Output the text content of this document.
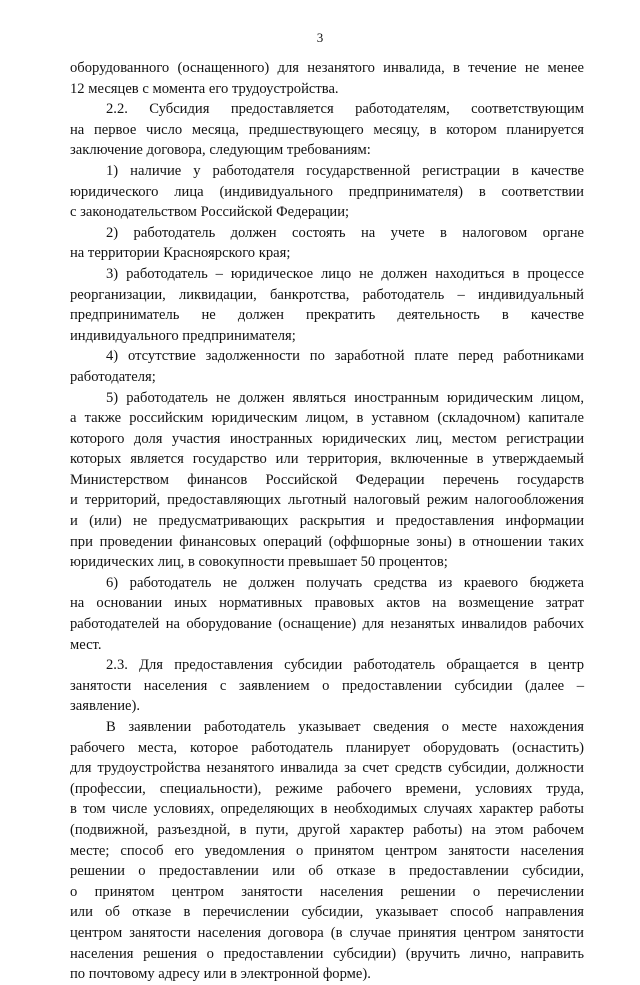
3
оборудованного (оснащенного) для незанятого инвалида, в течение не менее
12 месяцев с момента его трудоустройства.
2.2. Субсидия предоставляется работодателям, соответствующим
на первое число месяца, предшествующего месяцу, в котором планируется
заключение договора, следующим требованиям:
1) наличие у работодателя государственной регистрации в качестве
юридического лица (индивидуального предпринимателя) в соответствии
с законодательством Российской Федерации;
2) работодатель должен состоять на учете в налоговом органе
на территории Красноярского края;
3) работодатель – юридическое лицо не должен находиться в процессе
реорганизации, ликвидации, банкротства, работодатель – индивидуальный
предприниматель не должен прекратить деятельность в качестве
индивидуального предпринимателя;
4) отсутствие задолженности по заработной плате перед работниками
работодателя;
5) работодатель не должен являться иностранным юридическим лицом,
а также российским юридическим лицом, в уставном (складочном) капитале
которого доля участия иностранных юридических лиц, местом регистрации
которых является государство или территория, включенные в утверждаемый
Министерством финансов Российской Федерации перечень государств
и территорий, предоставляющих льготный налоговый режим налогообложения
и (или) не предусматривающих раскрытия и предоставления информации
при проведении финансовых операций (оффшорные зоны) в отношении таких
юридических лиц, в совокупности превышает 50 процентов;
6) работодатель не должен получать средства из краевого бюджета
на основании иных нормативных правовых актов на возмещение затрат
работодателей на оборудование (оснащение) для незанятых инвалидов рабочих
мест.
2.3. Для предоставления субсидии работодатель обращается в центр
занятости населения с заявлением о предоставлении субсидии (далее –
заявление).
В заявлении работодатель указывает сведения о месте нахождения
рабочего места, которое работодатель планирует оборудовать (оснастить)
для трудоустройства незанятого инвалида за счет средств субсидии, должности
(профессии, специальности), режиме рабочего времени, условиях труда,
в том числе условиях, определяющих в необходимых случаях характер работы
(подвижной, разъездной, в пути, другой характер работы) на этом рабочем
месте; способ его уведомления о принятом центром занятости населения
решении о предоставлении или об отказе в предоставлении субсидии,
о принятом центром занятости населения решении о перечислении
или об отказе в перечислении субсидии, указывает способ направления
центром занятости населения договора (в случае принятия центром занятости
населения решения о предоставлении субсидии) (вручить лично, направить
по почтовому адресу или в электронной форме).
